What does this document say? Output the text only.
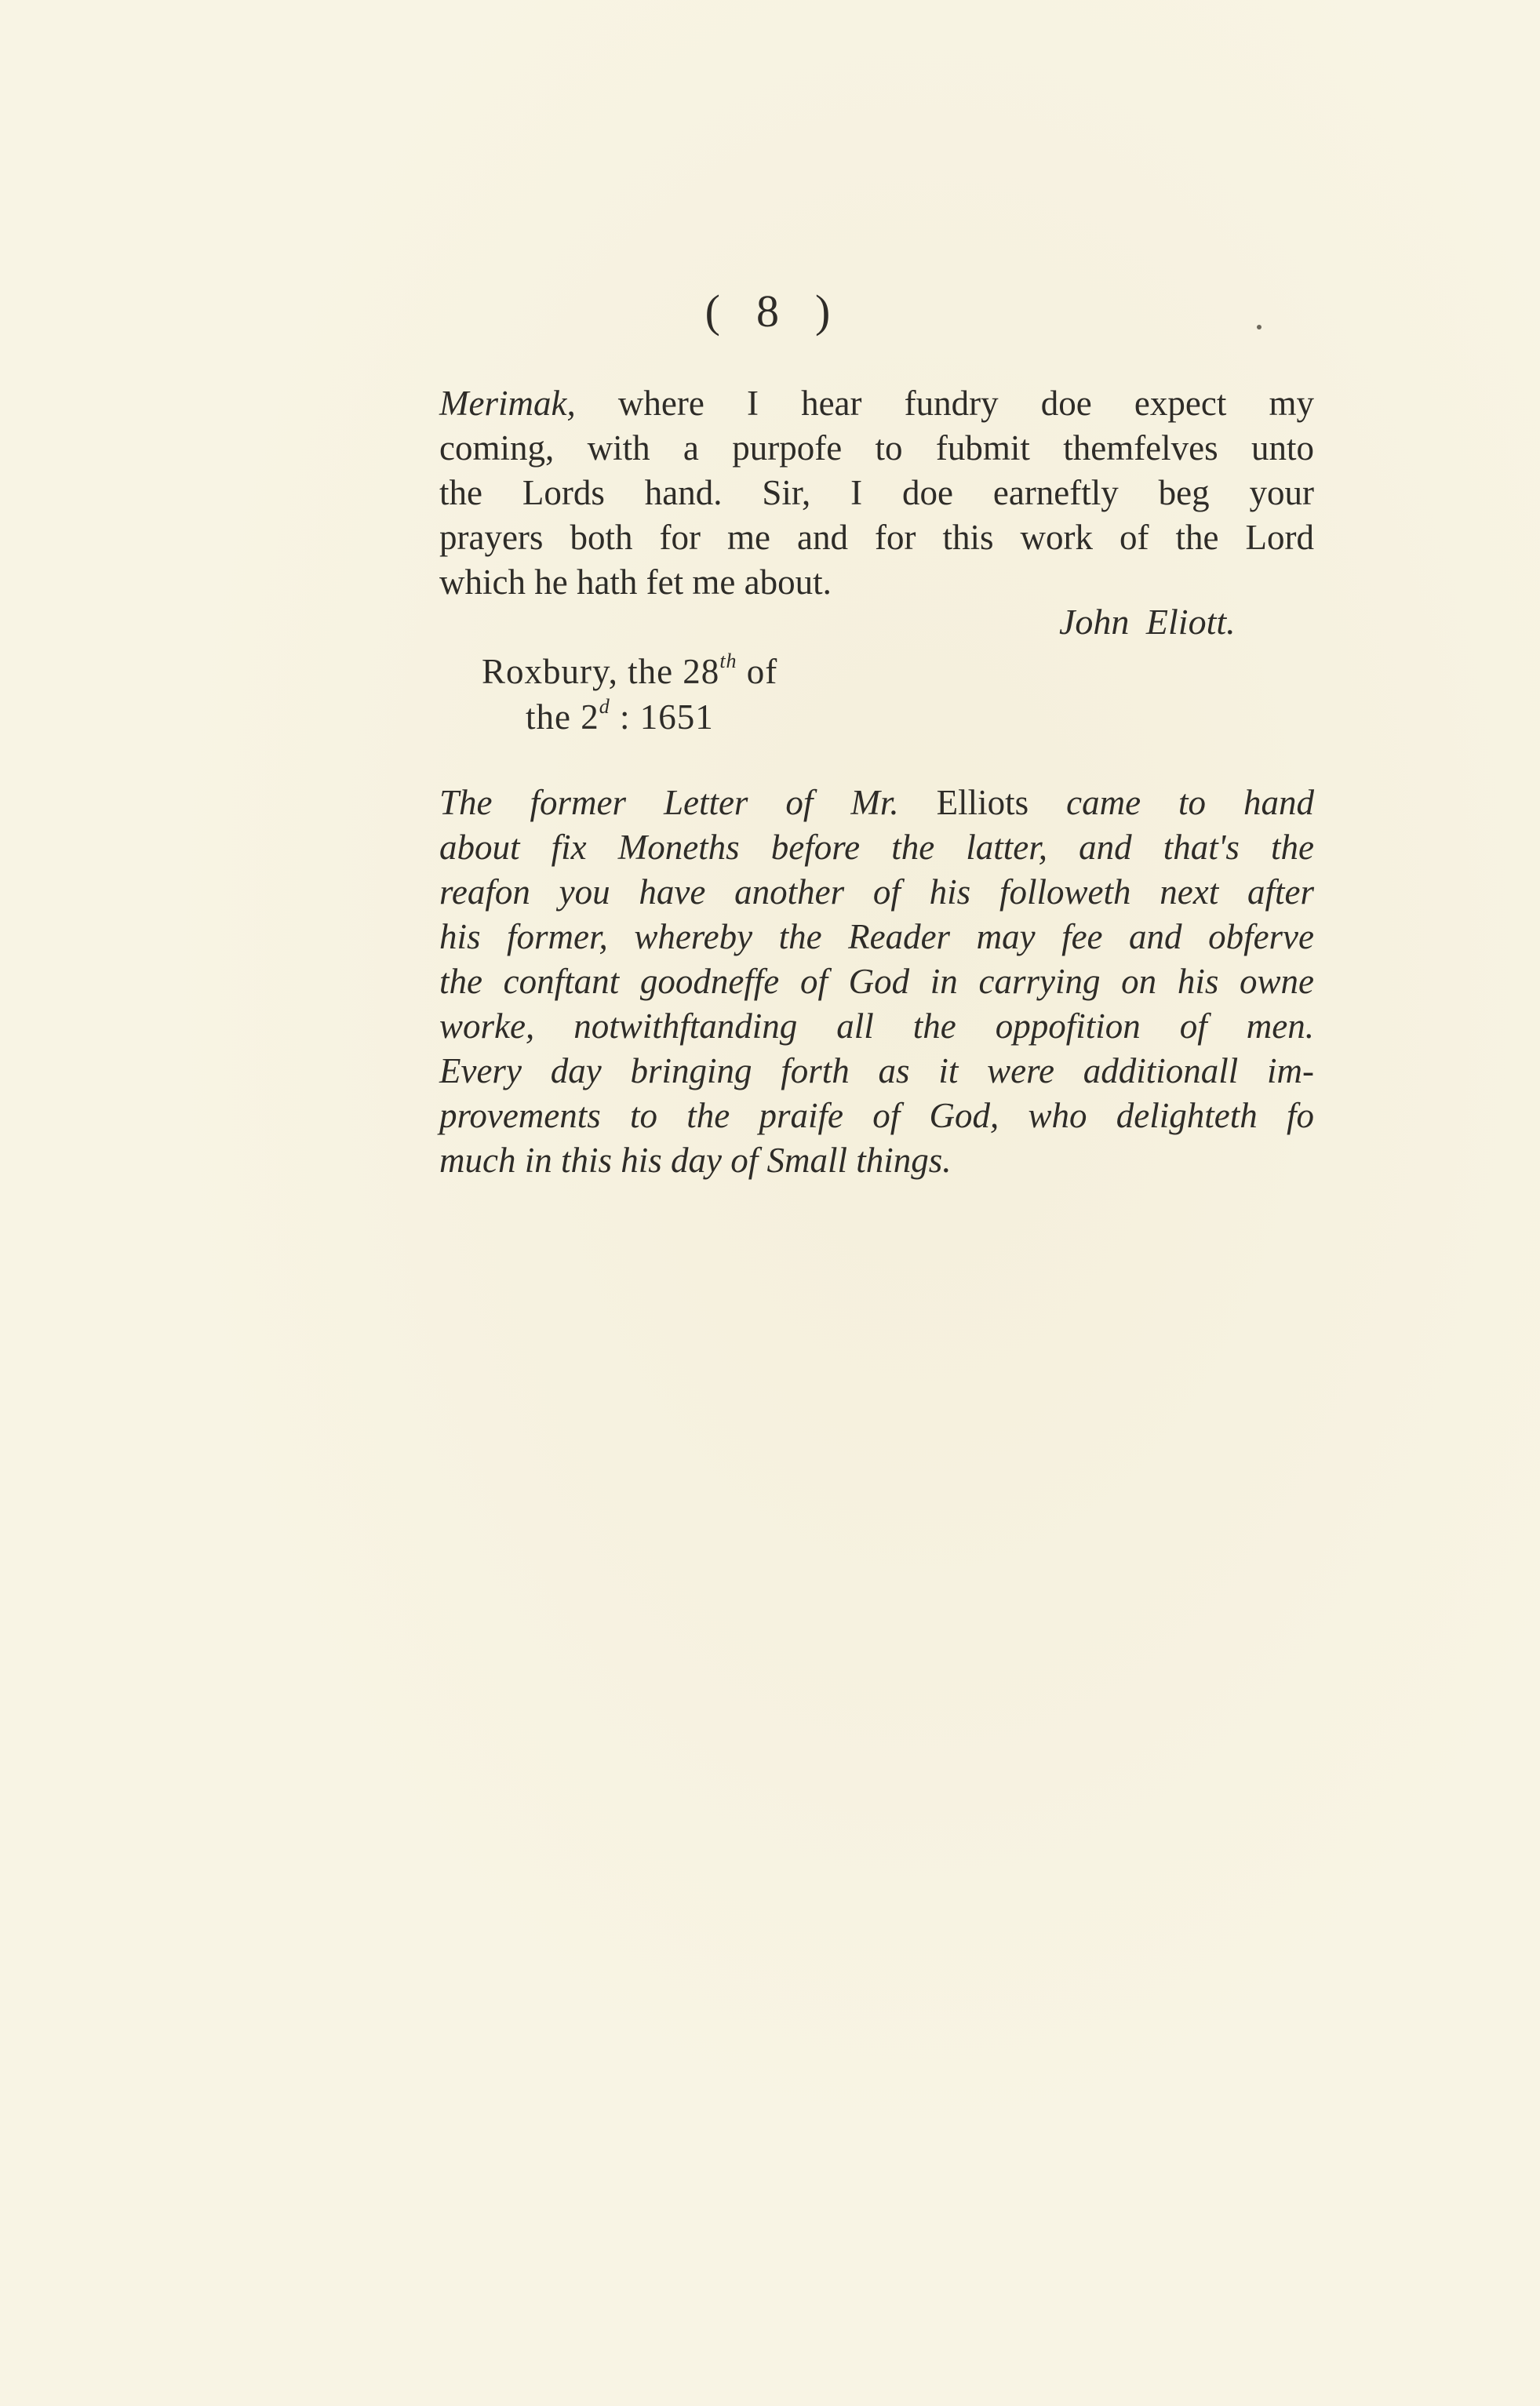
( 8 )
Merimak, where I hear fundry doe expect my
coming, with a purpofe to fubmit themfelves unto
the Lords hand. Sir, I doe earneftly beg your
prayers both for me and for this work of the Lord
which he hath fet me about.
John Eliott.
Roxbury, the 28th of
the 2$^d$ : 1651
The former Letter of Mr. Elliots came to hand
about fix Moneths before the latter, and that's the
reafon you have another of his followeth next after
his former, whereby the Reader may fee and obferve
the conftant goodneffe of God in carrying on his owne
worke, notwithftanding all the oppofition of men.
Every day bringing forth as it were additionall im-
provements to the praife of God, who delighteth fo
much in this his day of Small things.
